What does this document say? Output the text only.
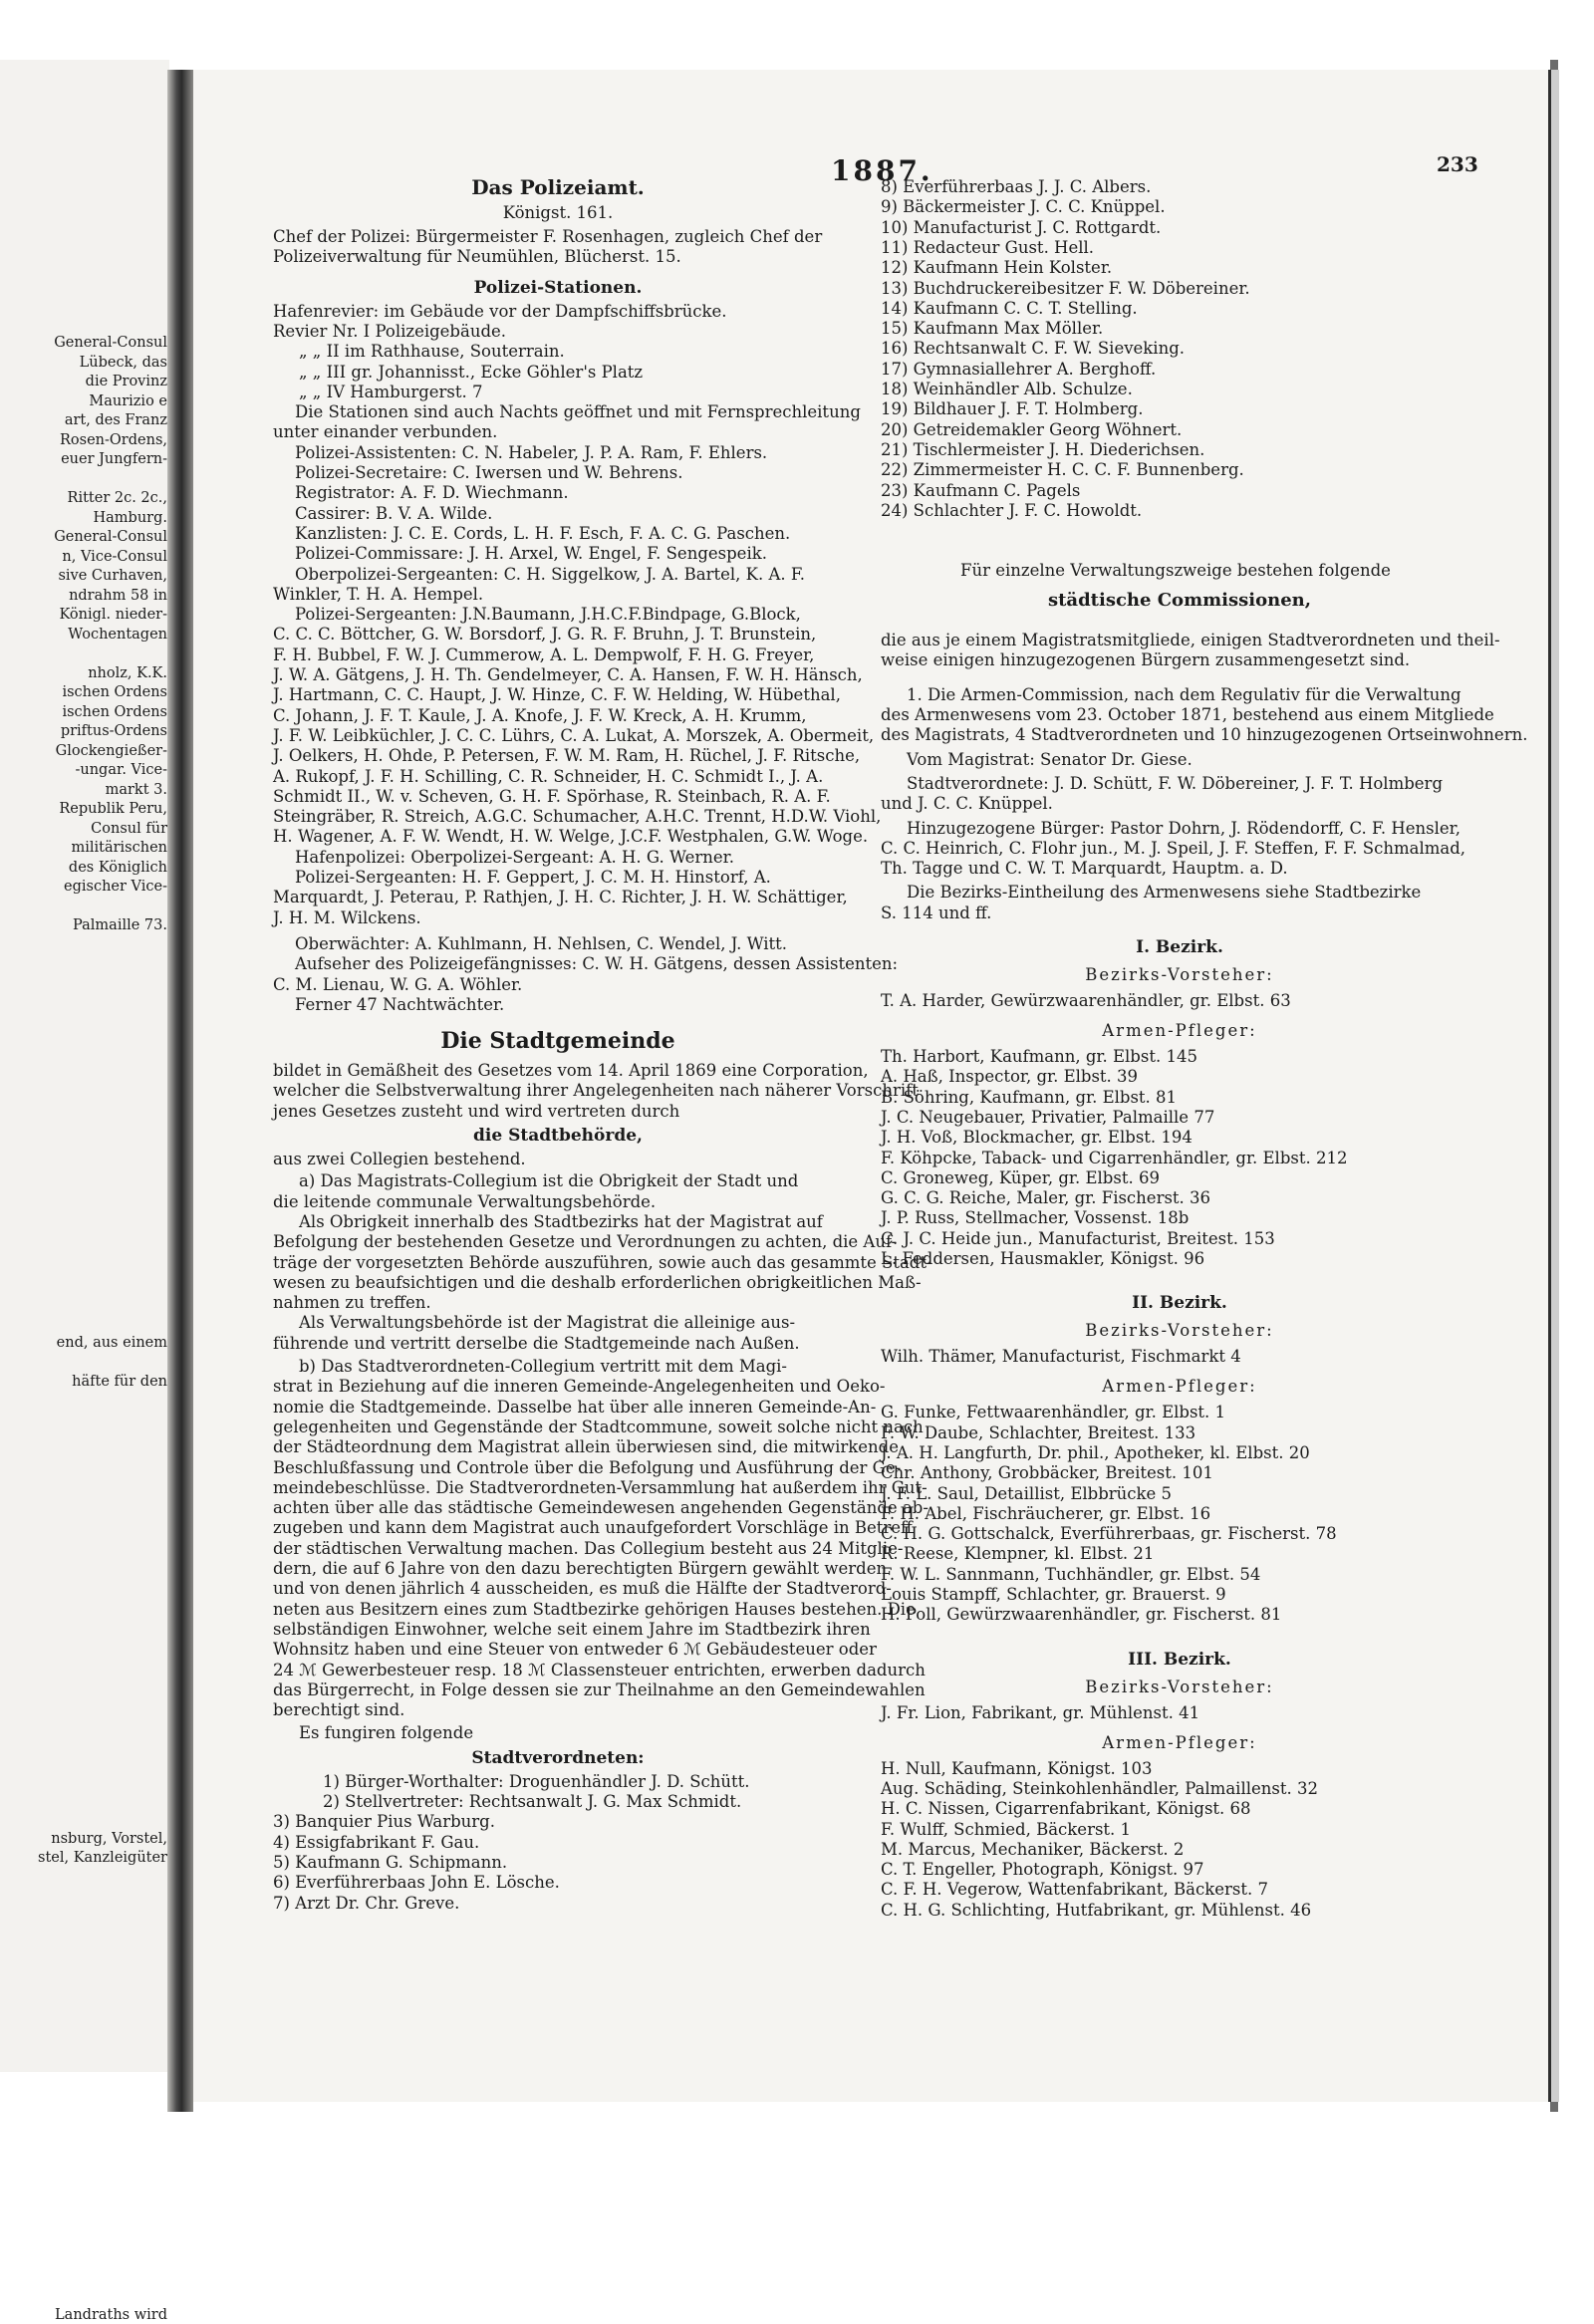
General-Consul
Lübeck, das
die Provinz
Maurizio e
art, des Franz
Rosen-Ordens,
euer Jungfern-
Ritter 2c. 2c.,
Hamburg.
General-Consul
n, Vice-Consul
sive Curhaven,
ndrahm 58 in
Königl. nieder-
Wochentagen
nholz, K.K.
ischen Ordens
ischen Ordens
priftus-Ordens
Glockengießer-
-ungar. Vice-
markt 3.
Republik Peru,
Consul für
militärischen
des Königlich
egischer Vice-
Palmaille 73.
end, aus einem
häfte für den
nsburg, Vorstel,
stel, Kanzleigüter
Landraths wird
1887.	233
Das Polizeiamt.
Königst. 161.
Chef der Polizei: Bürgermeister F. Rosenhagen, zugleich Chef der
Polizeiverwaltung für Neumühlen, Blücherst. 15.
Polizei-Stationen.
Hafenrevier: im Gebäude vor der Dampfschiffsbrücke.
Revier Nr. I Polizeigebäude.
„ „ II im Rathhause, Souterrain.
„ „ III gr. Johannisst., Ecke Göhler's Platz
„ „ IV Hamburgerst. 7
Die Stationen sind auch Nachts geöffnet und mit Fernsprechleitung
unter einander verbunden.
Polizei-Assistenten: C. N. Habeler, J. P. A. Ram, F. Ehlers.
Polizei-Secretaire: C. Iwersen und W. Behrens.
Registrator: A. F. D. Wiechmann.
Cassirer: B. V. A. Wilde.
Kanzlisten: J. C. E. Cords, L. H. F. Esch, F. A. C. G. Paschen.
Polizei-Commissare: J. H. Arxel, W. Engel, F. Sengespeik.
Oberpolizei-Sergeanten: C. H. Siggelkow, J. A. Bartel, K. A. F.
Winkler, T. H. A. Hempel.
Polizei-Sergeanten: J.N.Baumann, J.H.C.F.Bindpage, G.Block,
C. C. C. Böttcher, G. W. Borsdorf, J. G. R. F. Bruhn, J. T. Brunstein,
F. H. Bubbel, F. W. J. Cummerow, A. L. Dempwolf, F. H. G. Freyer,
J. W. A. Gätgens, J. H. Th. Gendelmeyer, C. A. Hansen, F. W. H. Hänsch,
J. Hartmann, C. C. Haupt, J. W. Hinze, C. F. W. Helding, W. Hübethal,
C. Johann, J. F. T. Kaule, J. A. Knofe, J. F. W. Kreck, A. H. Krumm,
J. F. W. Leibküchler, J. C. C. Lührs, C. A. Lukat, A. Morszek, A. Obermeit,
J. Oelkers, H. Ohde, P. Petersen, F. W. M. Ram, H. Rüchel, J. F. Ritsche,
A. Rukopf, J. F. H. Schilling, C. R. Schneider, H. C. Schmidt I., J. A.
Schmidt II., W. v. Scheven, G. H. F. Spörhase, R. Steinbach, R. A. F.
Steingräber, R. Streich, A.G.C. Schumacher, A.H.C. Trennt, H.D.W. Viohl,
H. Wagener, A. F. W. Wendt, H. W. Welge, J.C.F. Westphalen, G.W. Woge.
Hafenpolizei: Oberpolizei-Sergeant: A. H. G. Werner.
Polizei-Sergeanten: H. F. Geppert, J. C. M. H. Hinstorf, A.
Marquardt, J. Peterau, P. Rathjen, J. H. C. Richter, J. H. W. Schättiger,
J. H. M. Wilckens.
Oberwächter: A. Kuhlmann, H. Nehlsen, C. Wendel, J. Witt.
Aufseher des Polizeigefängnisses: C. W. H. Gätgens, dessen Assistenten:
C. M. Lienau, W. G. A. Wöhler.
Ferner 47 Nachtwächter.
Die Stadtgemeinde
bildet in Gemäßheit des Gesetzes vom 14. April 1869 eine Corporation,
welcher die Selbstverwaltung ihrer Angelegenheiten nach näherer Vorschrift
jenes Gesetzes zusteht und wird vertreten durch
die Stadtbehörde,
aus zwei Collegien bestehend.
a) Das Magistrats-Collegium ist die Obrigkeit der Stadt und
die leitende communale Verwaltungsbehörde.
Als Obrigkeit innerhalb des Stadtbezirks hat der Magistrat auf
Befolgung der bestehenden Gesetze und Verordnungen zu achten, die Auf-
träge der vorgesetzten Behörde auszuführen, sowie auch das gesammte Stadt-
wesen zu beaufsichtigen und die deshalb erforderlichen obrigkeitlichen Maß-
nahmen zu treffen.
Als Verwaltungsbehörde ist der Magistrat die alleinige aus-
führende und vertritt derselbe die Stadtgemeinde nach Außen.
b) Das Stadtverordneten-Collegium vertritt mit dem Magi-
strat in Beziehung auf die inneren Gemeinde-Angelegenheiten und Oeko-
nomie die Stadtgemeinde. Dasselbe hat über alle inneren Gemeinde-An-
gelegenheiten und Gegenstände der Stadtcommune, soweit solche nicht nach
der Städteordnung dem Magistrat allein überwiesen sind, die mitwirkende
Beschlußfassung und Controle über die Befolgung und Ausführung der Ge-
meindebeschlüsse. Die Stadtverordneten-Versammlung hat außerdem ihr Gut-
achten über alle das städtische Gemeindewesen angehenden Gegenstände ab-
zugeben und kann dem Magistrat auch unaufgefordert Vorschläge in Betreff
der städtischen Verwaltung machen. Das Collegium besteht aus 24 Mitglie-
dern, die auf 6 Jahre von den dazu berechtigten Bürgern gewählt werden
und von denen jährlich 4 ausscheiden, es muß die Hälfte der Stadtverord-
neten aus Besitzern eines zum Stadtbezirke gehörigen Hauses bestehen. Die
selbständigen Einwohner, welche seit einem Jahre im Stadtbezirk ihren
Wohnsitz haben und eine Steuer von entweder 6 ℳ Gebäudesteuer oder
24 ℳ Gewerbesteuer resp. 18 ℳ Classensteuer entrichten, erwerben dadurch
das Bürgerrecht, in Folge dessen sie zur Theilnahme an den Gemeindewahlen
berechtigt sind.
Es fungiren folgende
Stadtverordneten:
1) Bürger-Worthalter: Droguenhändler J. D. Schütt.
2) Stellvertreter: Rechtsanwalt J. G. Max Schmidt.
3) Banquier Pius Warburg.
4) Essigfabrikant F. Gau.
5) Kaufmann G. Schipmann.
6) Everführerbaas John E. Lösche.
7) Arzt Dr. Chr. Greve.
8) Everführerbaas J. J. C. Albers.
9) Bäckermeister J. C. C. Knüppel.
10) Manufacturist J. C. Rottgardt.
11) Redacteur Gust. Hell.
12) Kaufmann Hein Kolster.
13) Buchdruckereibesitzer F. W. Döbereiner.
14) Kaufmann C. C. T. Stelling.
15) Kaufmann Max Möller.
16) Rechtsanwalt C. F. W. Sieveking.
17) Gymnasiallehrer A. Berghoff.
18) Weinhändler Alb. Schulze.
19) Bildhauer J. F. T. Holmberg.
20) Getreidemakler Georg Wöhnert.
21) Tischlermeister J. H. Diederichsen.
22) Zimmermeister H. C. C. F. Bunnenberg.
23) Kaufmann C. Pagels
24) Schlachter J. F. C. Howoldt.
Für einzelne Verwaltungszweige bestehen folgende
städtische Commissionen,
die aus je einem Magistratsmitgliede, einigen Stadtverordneten und theil-
weise einigen hinzugezogenen Bürgern zusammengesetzt sind.
1. Die Armen-Commission, nach dem Regulativ für die Verwaltung
des Armenwesens vom 23. October 1871, bestehend aus einem Mitgliede
des Magistrats, 4 Stadtverordneten und 10 hinzugezogenen Ortseinwohnern.
Vom Magistrat: Senator Dr. Giese.
Stadtverordnete: J. D. Schütt, F. W. Döbereiner, J. F. T. Holmberg
und J. C. C. Knüppel.
Hinzugezogene Bürger: Pastor Dohrn, J. Rödendorff, C. F. Hensler,
C. C. Heinrich, C. Flohr jun., M. J. Speil, J. F. Steffen, F. F. Schmalmad,
Th. Tagge und C. W. T. Marquardt, Hauptm. a. D.
Die Bezirks-Eintheilung des Armenwesens siehe Stadtbezirke
S. 114 und ff.
I. Bezirk.
Bezirks-Vorsteher:
T. A. Harder, Gewürzwaarenhändler, gr. Elbst. 63
Armen-Pfleger:
Th. Harbort, Kaufmann, gr. Elbst. 145
A. Haß, Inspector, gr. Elbst. 39
B. Söhring, Kaufmann, gr. Elbst. 81
J. C. Neugebauer, Privatier, Palmaille 77
J. H. Voß, Blockmacher, gr. Elbst. 194
F. Köhpcke, Taback- und Cigarrenhändler, gr. Elbst. 212
C. Groneweg, Küper, gr. Elbst. 69
G. C. G. Reiche, Maler, gr. Fischerst. 36
J. P. Russ, Stellmacher, Vossenst. 18b
C. J. C. Heide jun., Manufacturist, Breitest. 153
L. Feddersen, Hausmakler, Königst. 96
II. Bezirk.
Bezirks-Vorsteher:
Wilh. Thämer, Manufacturist, Fischmarkt 4
Armen-Pfleger:
G. Funke, Fettwaarenhändler, gr. Elbst. 1
F. W. Daube, Schlachter, Breitest. 133
J. A. H. Langfurth, Dr. phil., Apotheker, kl. Elbst. 20
Chr. Anthony, Grobbäcker, Breitest. 101
J. F. L. Saul, Detaillist, Elbbrücke 5
F. H. Abel, Fischräucherer, gr. Elbst. 16
C. H. G. Gottschalck, Everführerbaas, gr. Fischerst. 78
R. Reese, Klempner, kl. Elbst. 21
F. W. L. Sannmann, Tuchhändler, gr. Elbst. 54
Louis Stampff, Schlachter, gr. Brauerst. 9
H. Poll, Gewürzwaarenhändler, gr. Fischerst. 81
III. Bezirk.
Bezirks-Vorsteher:
J. Fr. Lion, Fabrikant, gr. Mühlenst. 41
Armen-Pfleger:
H. Null, Kaufmann, Königst. 103
Aug. Schäding, Steinkohlenhändler, Palmaillenst. 32
H. C. Nissen, Cigarrenfabrikant, Königst. 68
F. Wulff, Schmied, Bäckerst. 1
M. Marcus, Mechaniker, Bäckerst. 2
C. T. Engeller, Photograph, Königst. 97
C. F. H. Vegerow, Wattenfabrikant, Bäckerst. 7
C. H. G. Schlichting, Hutfabrikant, gr. Mühlenst. 46
